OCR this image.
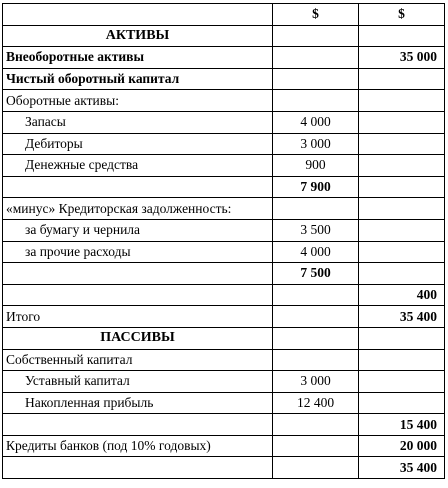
	$	$
АКТИВЫ		
Внеоборотные активы		35 000
Чистый оборотный капитал		
Оборотные активы:		
Запасы	4 000	
Дебиторы	3 000	
Денежные средства	900	
	7 900	
«минус» Кредиторская задолженность:		
за бумагу и чернила	3 500	
за прочие расходы	4 000	
	7 500	
		400
Итого		35 400
ПАССИВЫ		
Собственный капитал		
Уставный капитал	3 000	
Накопленная прибыль	12 400	
		15 400
Кредиты банков (под 10% годовых)		20 000
		35 400
